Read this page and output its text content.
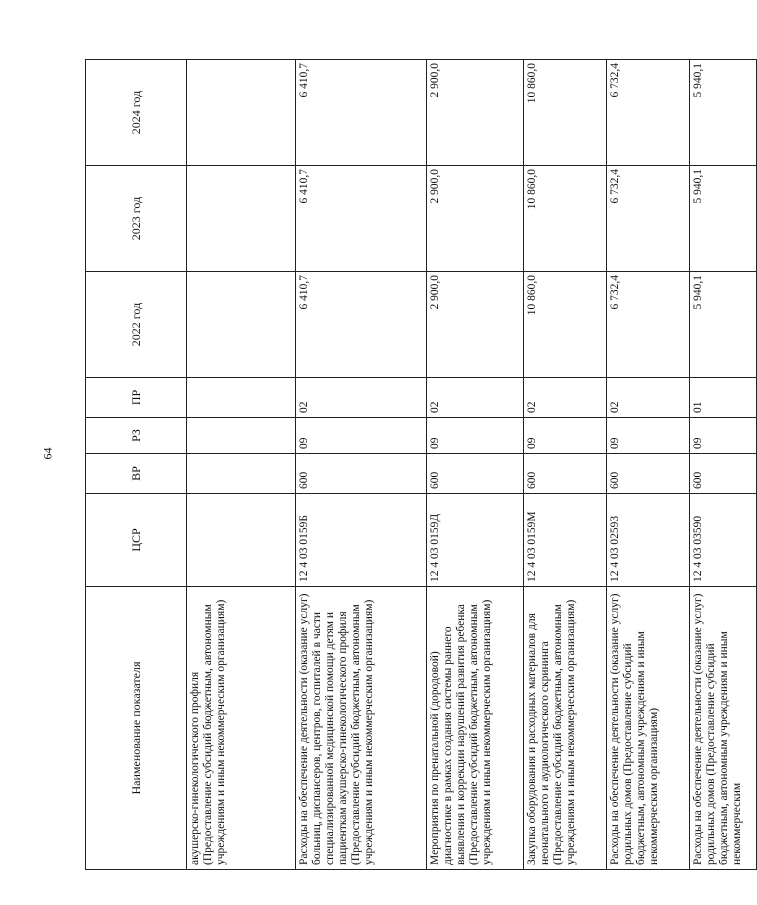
64
Наименование показателя	ЦСР	ВР	РЗ	ПР	2022 год	2023 год	2024 год
акушерско-гинекологического профиля (Предоставление субсидий бюджетным, автономным учреждениям и иным некоммерческим организациям)							
Расходы на обеспечение деятельности (оказание услуг) больниц, диспансеров, центров, госпиталей в части специализированной медицинской помощи детям и пациенткам акушерско-гинекологического профиля (Предоставление субсидий бюджетным, автономным учреждениям и иным некоммерческим организациям)	12 4 03 0159Б	600	09	02	6 410,7	6 410,7	6 410,7
Мероприятия по пренатальной (дородовой) диагностике в рамках создания системы раннего выявления и коррекции нарушений развития ребенка (Предоставление субсидий бюджетным, автономным учреждениям и иным некоммерческим организациям)	12 4 03 0159Д	600	09	02	2 900,0	2 900,0	2 900,0
Закупка оборудования и расходных материалов для неонатального и аудиологического скрининга (Предоставление субсидий бюджетным, автономным учреждениям и иным некоммерческим организациям)	12 4 03 0159М	600	09	02	10 860,0	10 860,0	10 860,0
Расходы на обеспечение деятельности (оказание услуг) родильных домов (Предоставление субсидий бюджетным, автономным учреждениям и иным некоммерческим организациям)	12 4 03 02593	600	09	02	6 732,4	6 732,4	6 732,4
Расходы на обеспечение деятельности (оказание услуг) родильных домов (Предоставление субсидий бюджетным, автономным учреждениям и иным некоммерческим	12 4 03 03590	600	09	01	5 940,1	5 940,1	5 940,1
